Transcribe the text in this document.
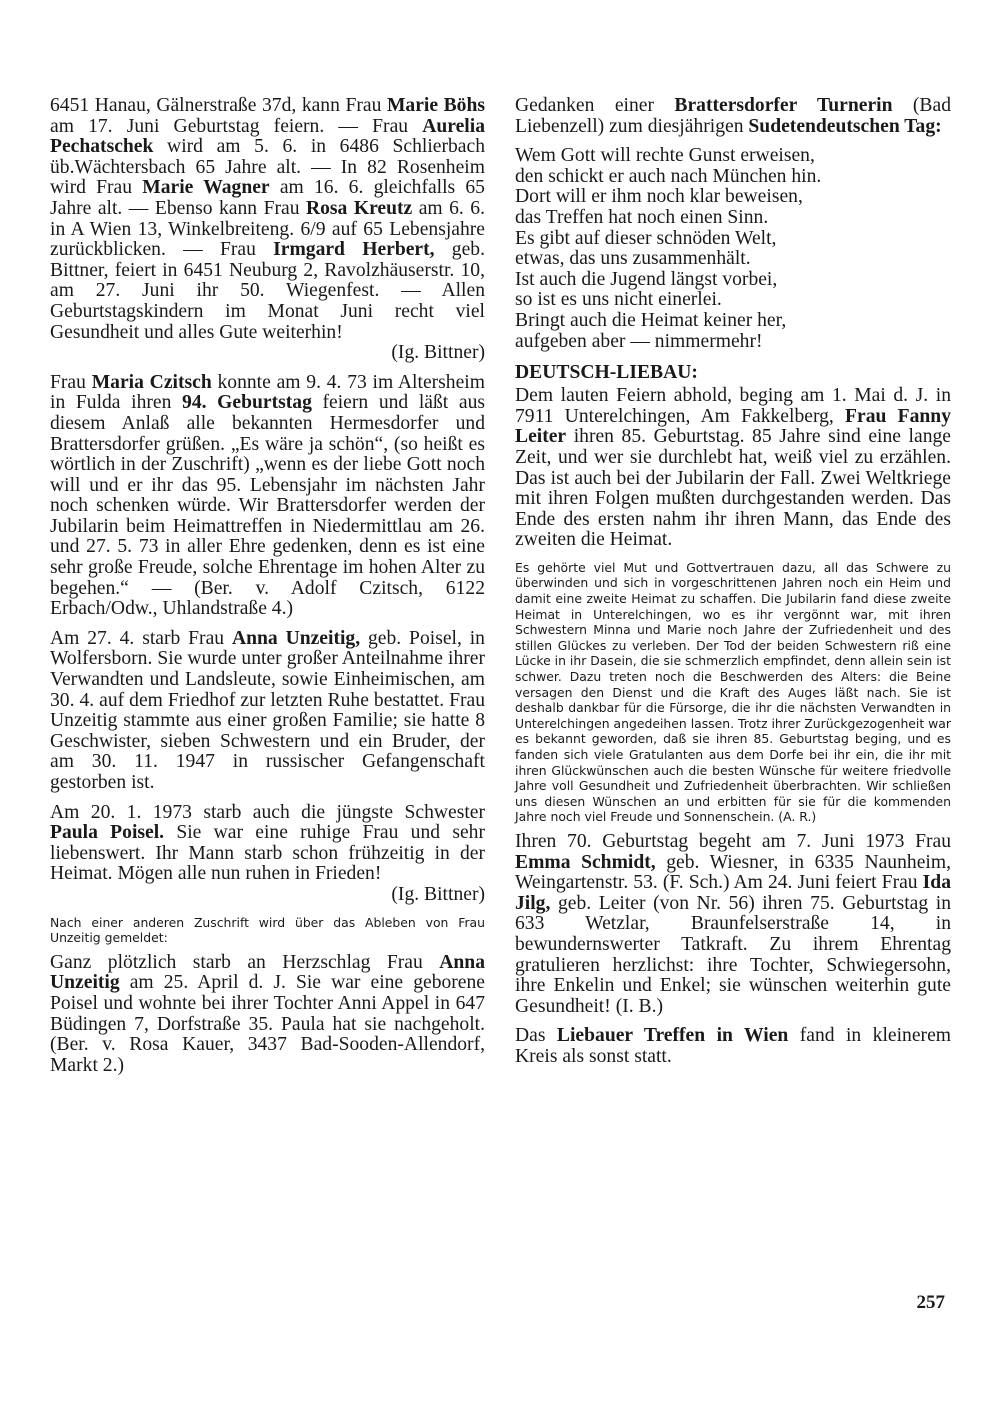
6451 Hanau, Gälnerstraße 37d, kann Frau Marie Böhs am 17. Juni Geburtstag feiern. — Frau Aurelia Pechatschek wird am 5. 6. in 6486 Schlierbach üb.Wächtersbach 65 Jahre alt. — In 82 Rosenheim wird Frau Marie Wagner am 16. 6. gleichfalls 65 Jahre alt. — Ebenso kann Frau Rosa Kreutz am 6. 6. in A Wien 13, Winkelbreiteng. 6/9 auf 65 Lebensjahre zurückblicken. — Frau Irmgard Herbert, geb. Bittner, feiert in 6451 Neuburg 2, Ravolzhäuserstr. 10, am 27. Juni ihr 50. Wiegenfest. — Allen Geburtstagskindern im Monat Juni recht viel Gesundheit und alles Gute weiterhin!
(Ig. Bittner)

Frau Maria Czitsch konnte am 9. 4. 73 im Altersheim in Fulda ihren 94. Geburtstag feiern und läßt aus diesem Anlaß alle bekannten Hermesdorfer und Brattersdorfer grüßen. „Es wäre ja schön“, (so heißt es wörtlich in der Zuschrift) „wenn es der liebe Gott noch will und er ihr das 95. Lebensjahr im nächsten Jahr noch schenken würde. Wir Brattersdorfer werden der Jubilarin beim Heimattreffen in Niedermittlau am 26. und 27. 5. 73 in aller Ehre gedenken, denn es ist eine sehr große Freude, solche Ehrentage im hohen Alter zu begehen.“ — (Ber. v. Adolf Czitsch, 6122 Erbach/Odw., Uhlandstraße 4.)

Am 27. 4. starb Frau Anna Unzeitig, geb. Poisel, in Wolfersborn. Sie wurde unter großer Anteilnahme ihrer Verwandten und Landsleute, sowie Einheimischen, am 30. 4. auf dem Friedhof zur letzten Ruhe bestattet. Frau Unzeitig stammte aus einer großen Familie; sie hatte 8 Geschwister, sieben Schwestern und ein Bruder, der am 30. 11. 1947 in russischer Gefangenschaft gestorben ist.

Am 20. 1. 1973 starb auch die jüngste Schwester Paula Poisel. Sie war eine ruhige Frau und sehr liebenswert. Ihr Mann starb schon frühzeitig in der Heimat. Mögen alle nun ruhen in Frieden!
(Ig. Bittner)

Nach einer anderen Zuschrift wird über das Ableben von Frau Unzeitig gemeldet:

Ganz plötzlich starb an Herzschlag Frau Anna Unzeitig am 25. April d. J. Sie war eine geborene Poisel und wohnte bei ihrer Tochter Anni Appel in 647 Büdingen 7, Dorfstraße 35. Paula hat sie nachgeholt. (Ber. v. Rosa Kauer, 3437 Bad-Sooden-Allendorf, Markt 2.)

Gedanken einer Brattersdorfer Turnerin (Bad Liebenzell) zum diesjährigen Sudetendeutschen Tag:

Wem Gott will rechte Gunst erweisen,
den schickt er auch nach München hin.
Dort will er ihm noch klar beweisen,
das Treffen hat noch einen Sinn.
Es gibt auf dieser schnöden Welt,
etwas, das uns zusammenhält.
Ist auch die Jugend längst vorbei,
so ist es uns nicht einerlei.
Bringt auch die Heimat keiner her,
aufgeben aber — nimmermehr!
DEUTSCH-LIEBAU:

Dem lauten Feiern abhold, beging am 1. Mai d. J. in 7911 Unterelchingen, Am Fakkelberg, Frau Fanny Leiter ihren 85. Geburtstag. 85 Jahre sind eine lange Zeit, und wer sie durchlebt hat, weiß viel zu erzählen. Das ist auch bei der Jubilarin der Fall. Zwei Weltkriege mit ihren Folgen mußten durchgestanden werden. Das Ende des ersten nahm ihr ihren Mann, das Ende des zweiten die Heimat.

Es gehörte viel Mut und Gottvertrauen dazu, all das Schwere zu überwinden und sich in vorgeschrittenen Jahren noch ein Heim und damit eine zweite Heimat zu schaffen. Die Jubilarin fand diese zweite Heimat in Unterelchingen, wo es ihr vergönnt war, mit ihren Schwestern Minna und Marie noch Jahre der Zufriedenheit und des stillen Glückes zu verleben. Der Tod der beiden Schwestern riß eine Lücke in ihr Dasein, die sie schmerzlich empfindet, denn allein sein ist schwer. Dazu treten noch die Beschwerden des Alters: die Beine versagen den Dienst und die Kraft des Auges läßt nach. Sie ist deshalb dankbar für die Fürsorge, die ihr die nächsten Verwandten in Unterelchingen angedeihen lassen. Trotz ihrer Zurückgezogenheit war es bekannt geworden, daß sie ihren 85. Geburtstag beging, und es fanden sich viele Gratulanten aus dem Dorfe bei ihr ein, die ihr mit ihren Glückwünschen auch die besten Wünsche für weitere friedvolle Jahre voll Gesundheit und Zufriedenheit überbrachten. Wir schließen uns diesen Wünschen an und erbitten für sie für die kommenden Jahre noch viel Freude und Sonnenschein. (A. R.)

Ihren 70. Geburtstag begeht am 7. Juni 1973 Frau Emma Schmidt, geb. Wiesner, in 6335 Naunheim, Weingartenstr. 53. (F. Sch.) Am 24. Juni feiert Frau Ida Jilg, geb. Leiter (von Nr. 56) ihren 75. Geburtstag in 633 Wetzlar, Braunfelserstraße 14, in bewundernswerter Tatkraft. Zu ihrem Ehrentag gratulieren herzlichst: ihre Tochter, Schwiegersohn, ihre Enkelin und Enkel; sie wünschen weiterhin gute Gesundheit! (I. B.)

Das Liebauer Treffen in Wien fand in kleinerem Kreis als sonst statt.

257
